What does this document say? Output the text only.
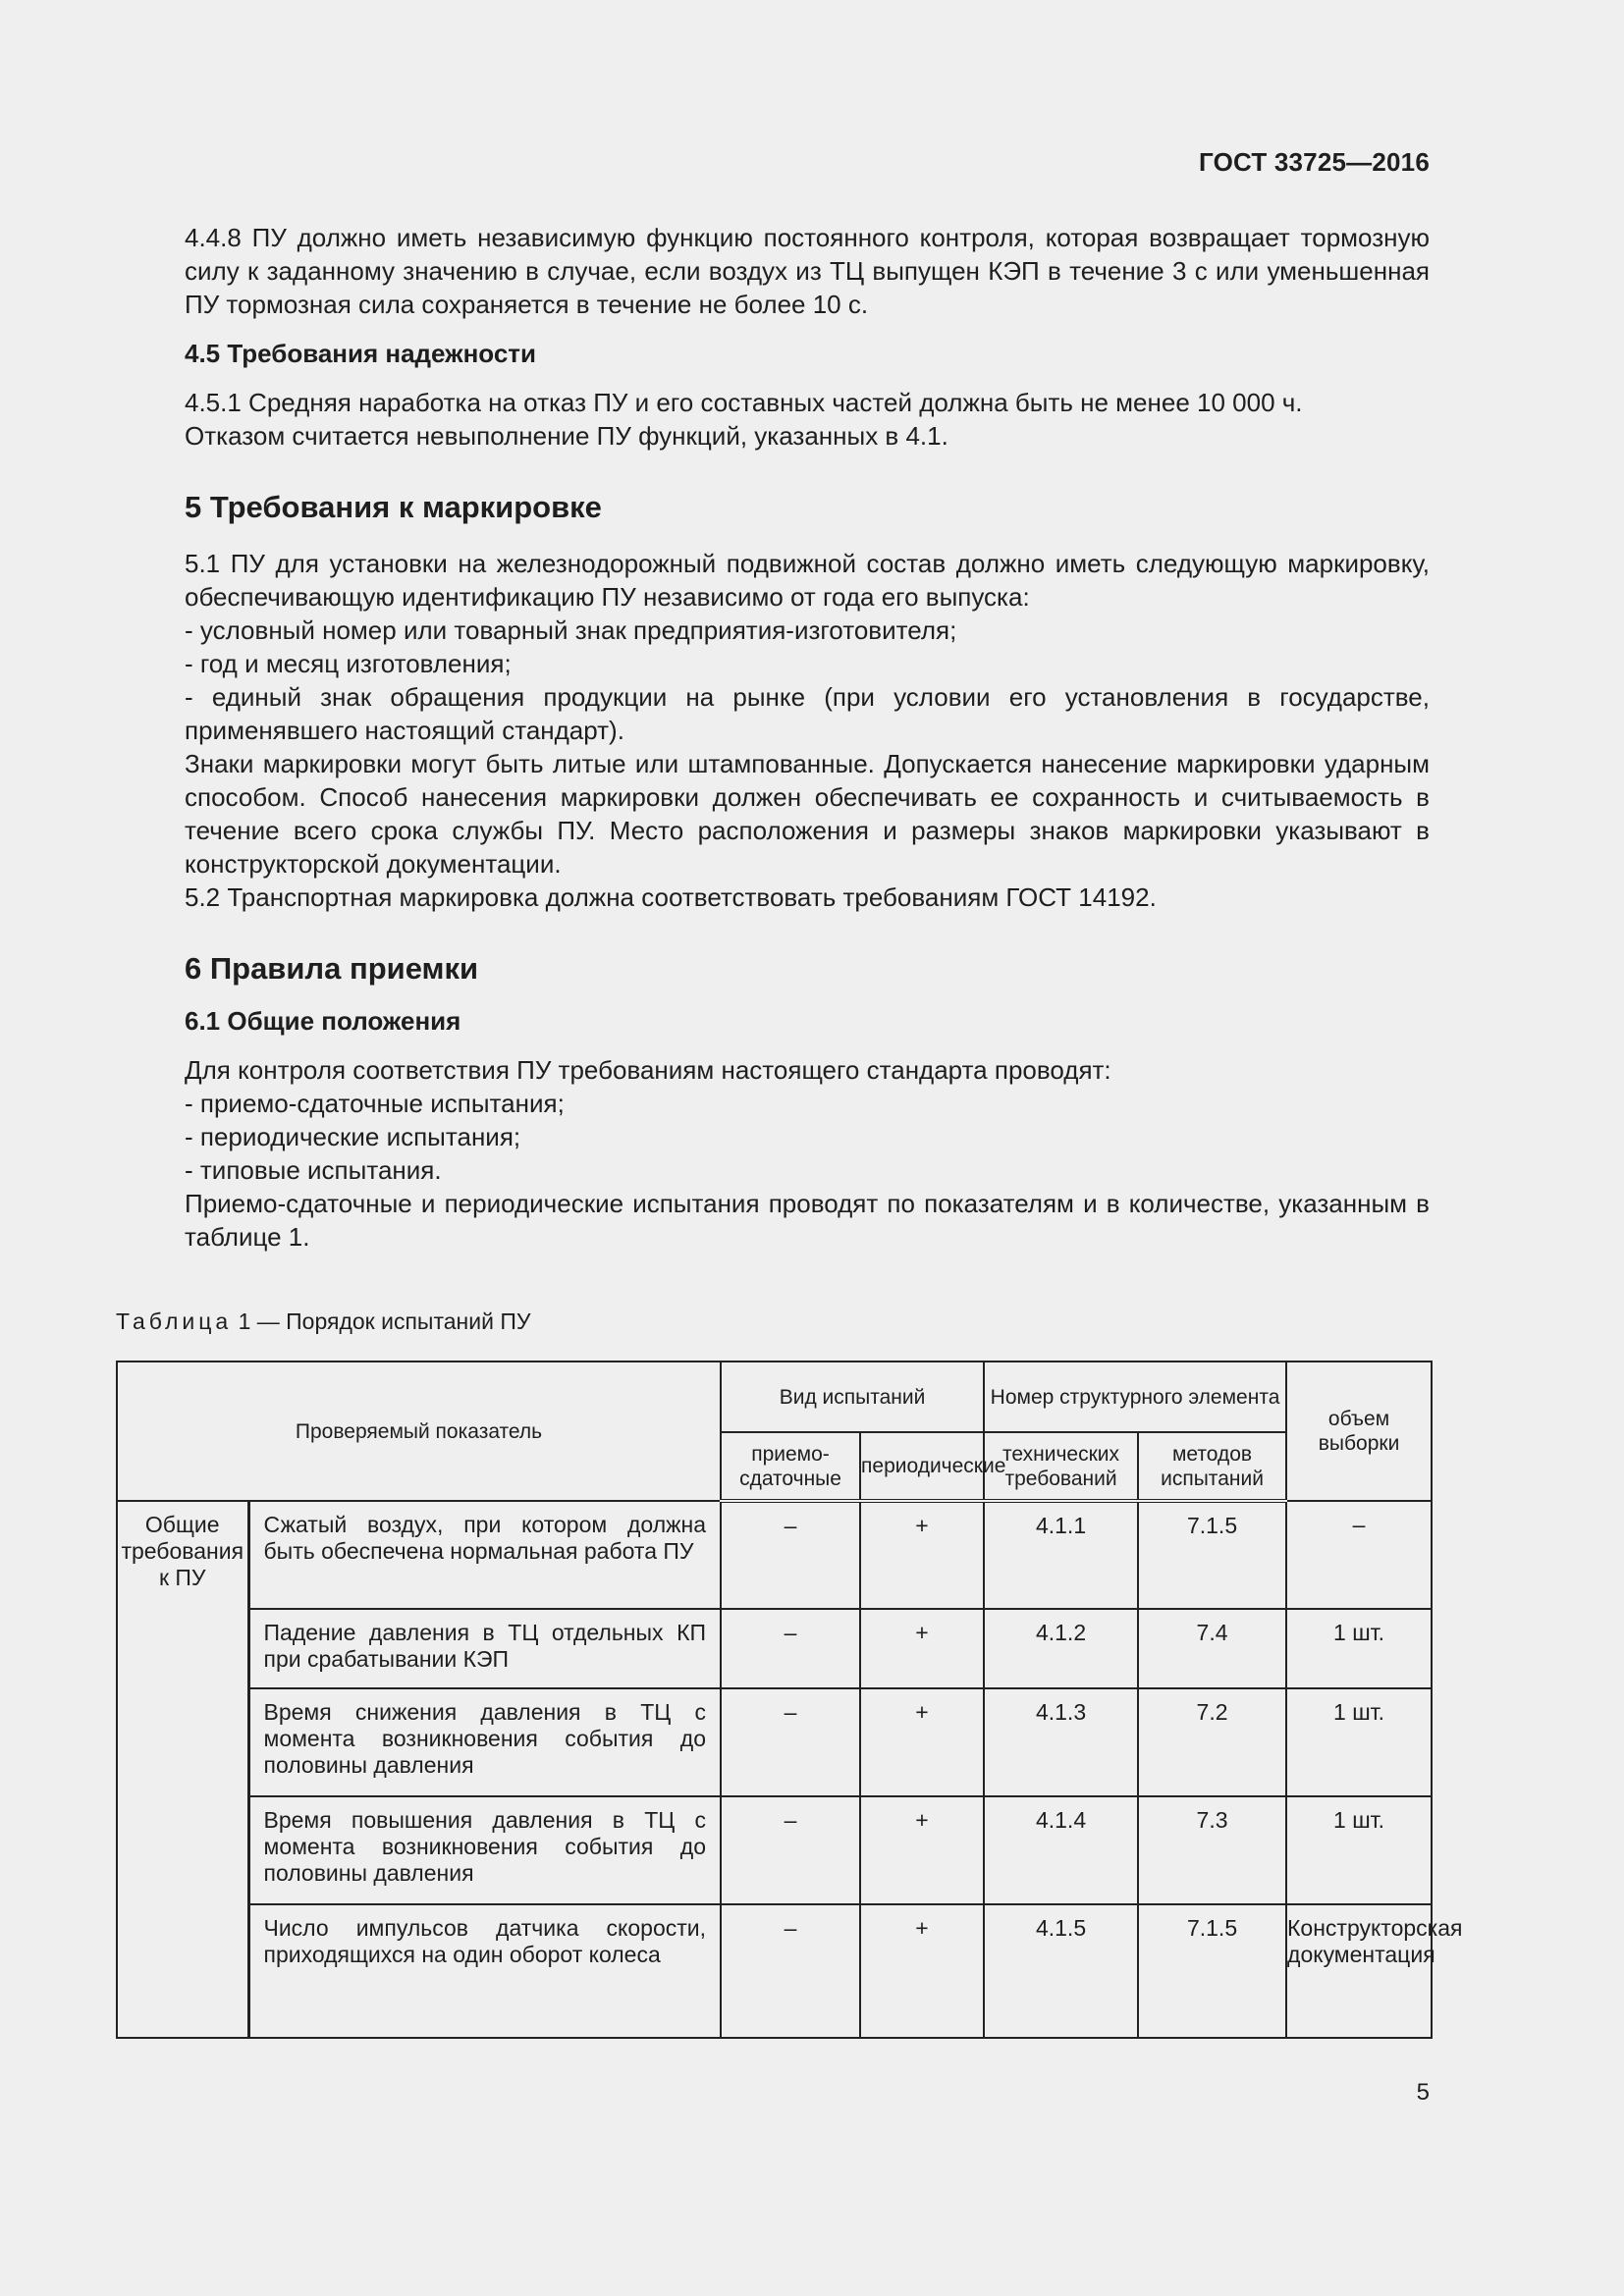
ГОСТ 33725—2016

4.4.8 ПУ должно иметь независимую функцию постоянного контроля, которая возвращает тормозную силу к заданному значению в случае, если воздух из ТЦ выпущен КЭП в течение 3 с или уменьшенная ПУ тормозная сила сохраняется в течение не более 10 с.

4.5 Требования надежности

4.5.1 Средняя наработка на отказ ПУ и его составных частей должна быть не менее 10 000 ч.

Отказом считается невыполнение ПУ функций, указанных в 4.1.

5 Требования к маркировке

5.1 ПУ для установки на железнодорожный подвижной состав должно иметь следующую маркировку, обеспечивающую идентификацию ПУ независимо от года его выпуска:

- условный номер или товарный знак предприятия-изготовителя;

- год и месяц изготовления;

- единый знак обращения продукции на рынке (при условии его установления в государстве, применявшего настоящий стандарт).

Знаки маркировки могут быть литые или штампованные. Допускается нанесение маркировки ударным способом. Способ нанесения маркировки должен обеспечивать ее сохранность и считываемость в течение всего срока службы ПУ. Место расположения и размеры знаков маркировки указывают в конструкторской документации.

5.2 Транспортная маркировка должна соответствовать требованиям ГОСТ 14192.

6 Правила приемки

6.1 Общие положения

Для контроля соответствия ПУ требованиям настоящего стандарта проводят:

- приемо-сдаточные испытания;

- периодические испытания;

- типовые испытания.

Приемо-сдаточные и периодические испытания проводят по показателям и в количестве, указанным в таблице 1.

Таблица 1 — Порядок испытаний ПУ
Проверяемый показатель		Вид испытаний		Номер структурного элемента		объем выборки
		приемо-сдаточные	периодические	технических требований	методов испытаний	
Общие требования к ПУ	Сжатый воздух, при котором должна быть обеспечена нормальная работа ПУ	–	+	4.1.1	7.1.5	–
	Падение давления в ТЦ отдельных КП при срабатывании КЭП	–	+	4.1.2	7.4	1 шт.
	Время снижения давления в ТЦ с момента возникновения события до половины давления	–	+	4.1.3	7.2	1 шт.
	Время повышения давления в ТЦ с момента возникновения события до половины давления	–	+	4.1.4	7.3	1 шт.
	Число импульсов датчика скорости, приходящихся на один оборот колеса	–	+	4.1.5	7.1.5	Конструкторская документация
5
